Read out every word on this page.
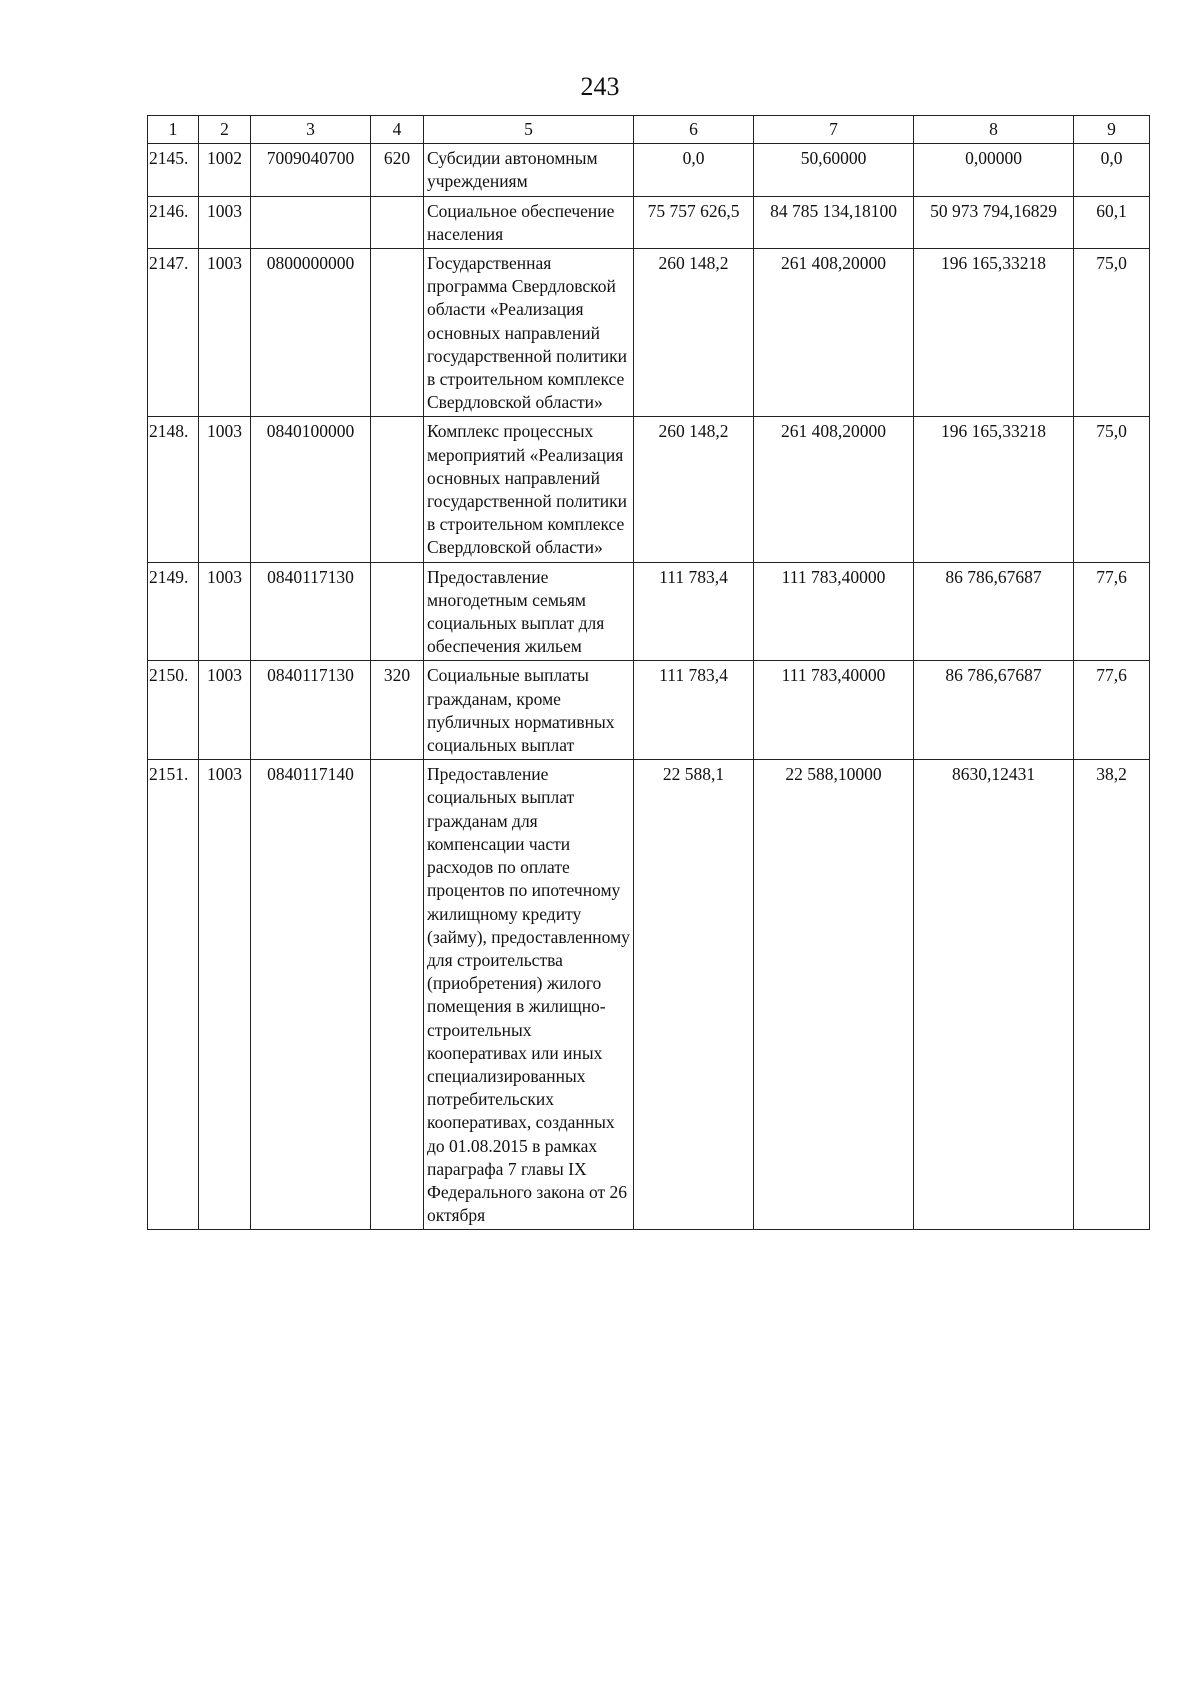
243
1	2	3	4	5	6	7	8	9
2145.	1002	7009040700	620	Субсидии автономным учреждениям	0,0	50,60000	0,00000	0,0
2146.	1003			Социальное обеспечение населения	75 757 626,5	84 785 134,18100	50 973 794,16829	60,1
2147.	1003	0800000000		Государственная программа Свердловской области «Реализация основных направлений государственной политики в строительном комплексе Свердловской области»	260 148,2	261 408,20000	196 165,33218	75,0
2148.	1003	0840100000		Комплекс процессных мероприятий «Реализация основных направлений государственной политики в строительном комплексе Свердловской области»	260 148,2	261 408,20000	196 165,33218	75,0
2149.	1003	0840117130		Предоставление многодетным семьям социальных выплат для обеспечения жильем	111 783,4	111 783,40000	86 786,67687	77,6
2150.	1003	0840117130	320	Социальные выплаты гражданам, кроме публичных нормативных социальных выплат	111 783,4	111 783,40000	86 786,67687	77,6
2151.	1003	0840117140		Предоставление социальных выплат гражданам для компенсации части расходов по оплате процентов по ипотечному жилищному кредиту (займу), предоставленному для строительства (приобретения) жилого помещения в жилищно-строительных кооперативах или иных специализированных потребительских кооперативах, созданных до 01.08.2015 в рамках параграфа 7 главы IX Федерального закона от 26 октября	22 588,1	22 588,10000	8630,12431	38,2
